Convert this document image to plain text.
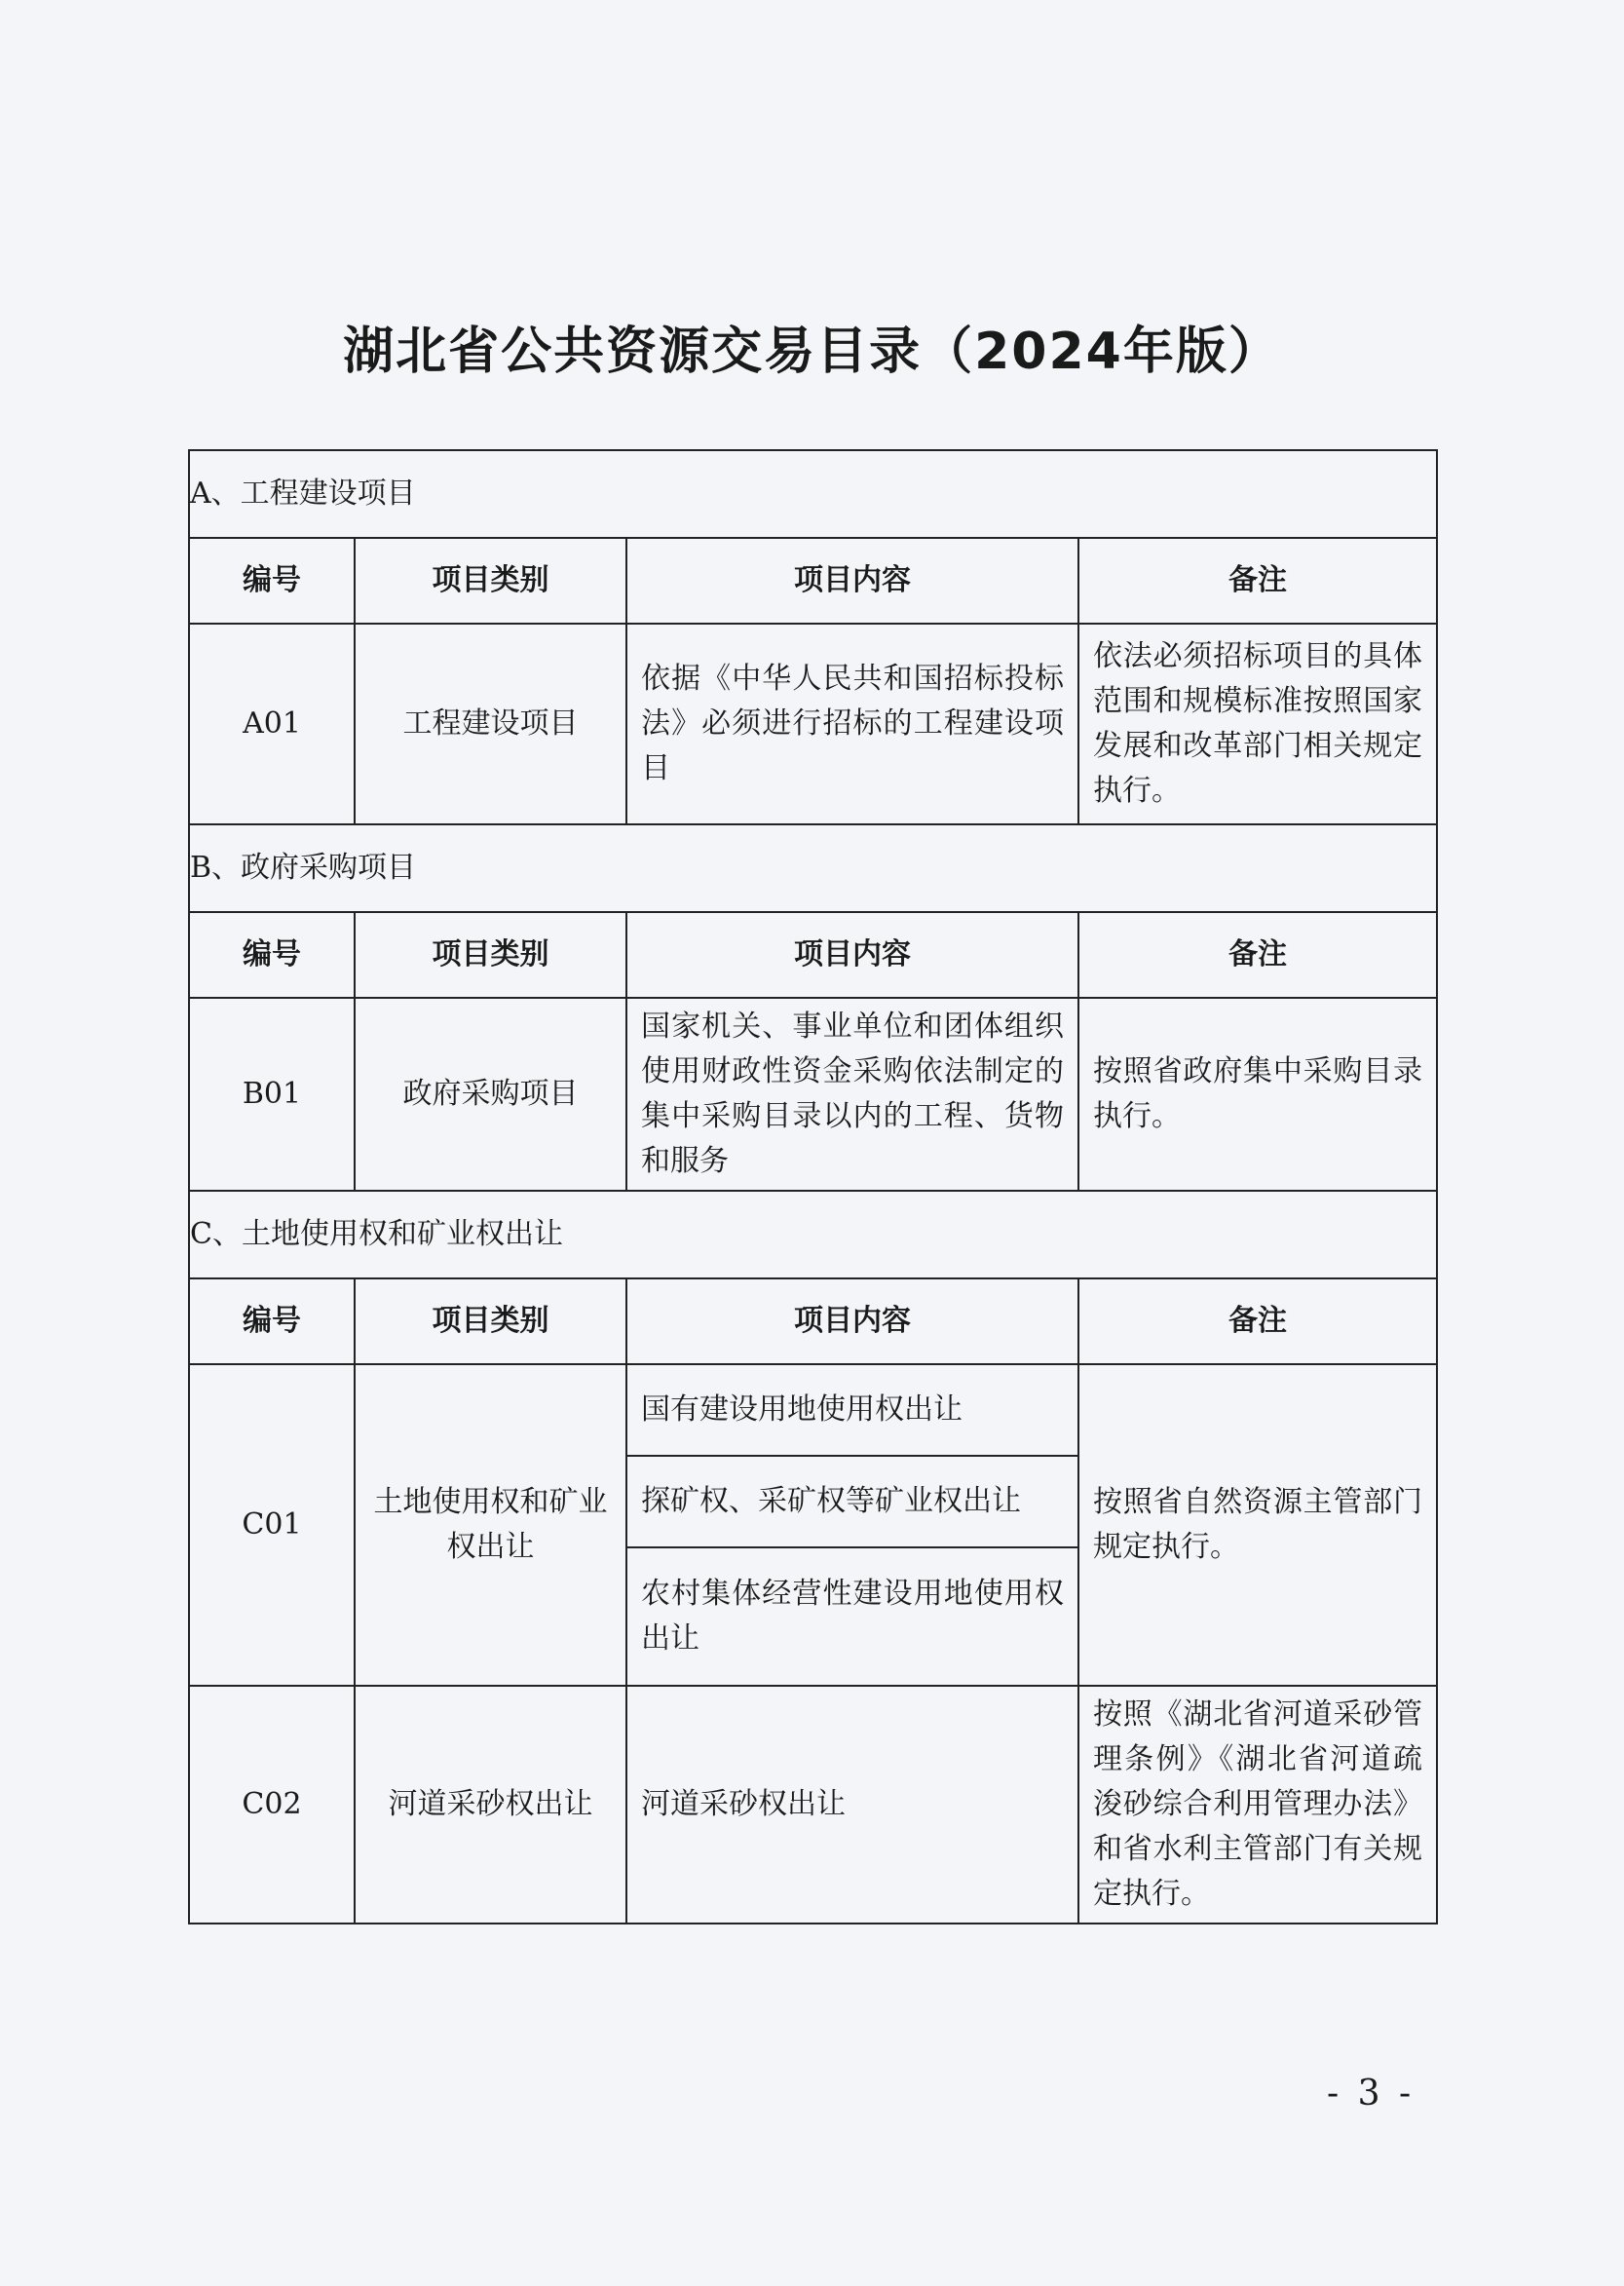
湖北省公共资源交易目录（2024年版）
A、工程建设项目			
编号	项目类别	项目内容	备注
A01	工程建设项目	依据《中华人民共和国招标投标法》必须进行招标的工程建设项目	依法必须招标项目的具体范围和规模标准按照国家发展和改革部门相关规定执行。
B、政府采购项目			
编号	项目类别	项目内容	备注
B01	政府采购项目	国家机关、事业单位和团体组织使用财政性资金采购依法制定的集中采购目录以内的工程、货物和服务	按照省政府集中采购目录执行。
C、土地使用权和矿业权出让			
编号	项目类别	项目内容	备注
C01	土地使用权和矿业权出让	国有建设用地使用权出让	按照省自然资源主管部门规定执行。
		探矿权、采矿权等矿业权出让	
		农村集体经营性建设用地使用权出让	
C02	河道采砂权出让	河道采砂权出让	按照《湖北省河道采砂管理条例》《湖北省河道疏浚砂综合利用管理办法》和省水利主管部门有关规定执行。
- 3 -
